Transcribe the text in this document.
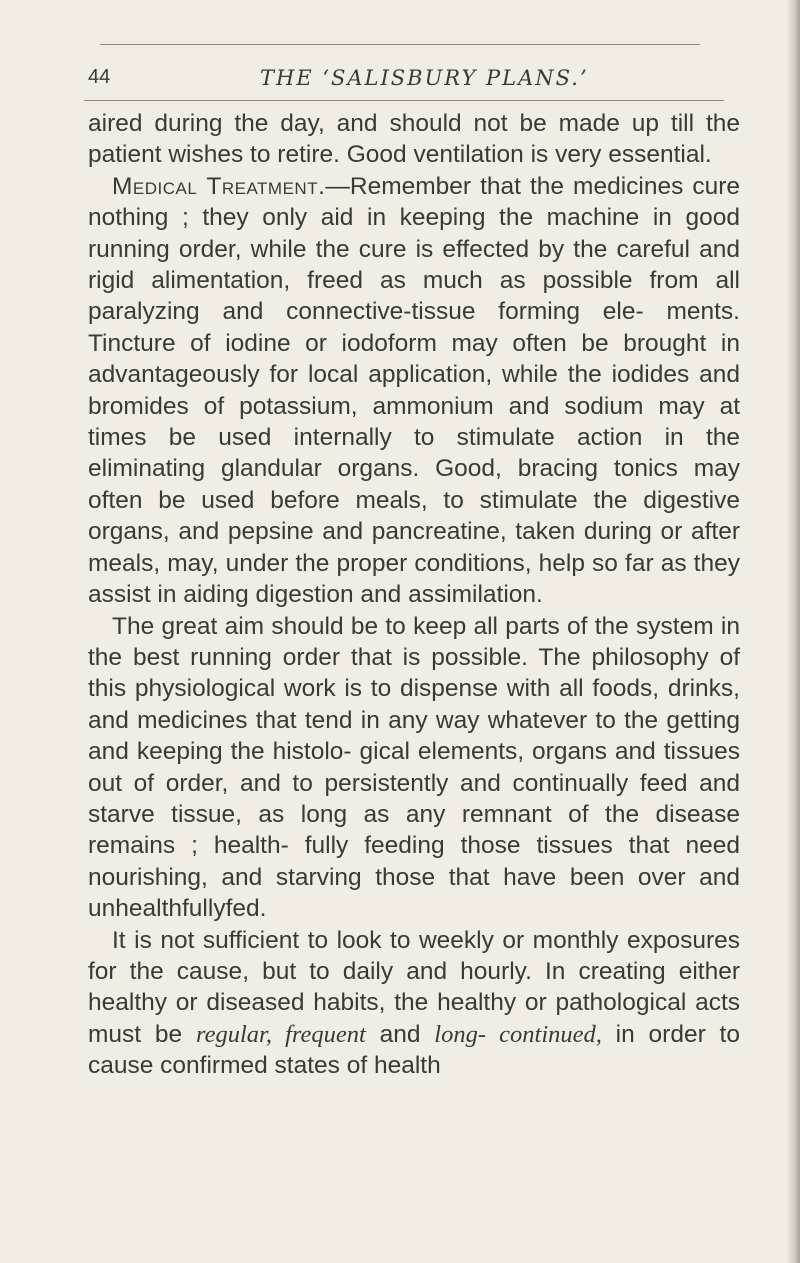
44	THE ‘SALISBURY PLANS.’

aired during the day, and should not be made up till the patient wishes to retire. Good ventilation is very essential.

Medical Treatment.—Remember that the medicines cure nothing ; they only aid in keeping the machine in good running order, while the cure is effected by the careful and rigid alimentation, freed as much as possible from all paralyzing and connective-tissue forming ele- ments. Tincture of iodine or iodoform may often be brought in advantageously for local application, while the iodides and bromides of potassium, ammonium and sodium may at times be used internally to stimulate action in the eliminating glandular organs. Good, bracing tonics may often be used before meals, to stimulate the digestive organs, and pepsine and pancreatine, taken during or after meals, may, under the proper conditions, help so far as they assist in aiding digestion and assimilation.

The great aim should be to keep all parts of the system in the best running order that is possible. The philosophy of this physiological work is to dispense with all foods, drinks, and medicines that tend in any way whatever to the getting and keeping the histolo- gical elements, organs and tissues out of order, and to persistently and continually feed and starve tissue, as long as any remnant of the disease remains ; health- fully feeding those tissues that need nourishing, and starving those that have been over and unhealthfullyfed.

It is not sufficient to look to weekly or monthly exposures for the cause, but to daily and hourly. In creating either healthy or diseased habits, the healthy or pathological acts must be regular, frequent and long- continued, in order to cause confirmed states of health
